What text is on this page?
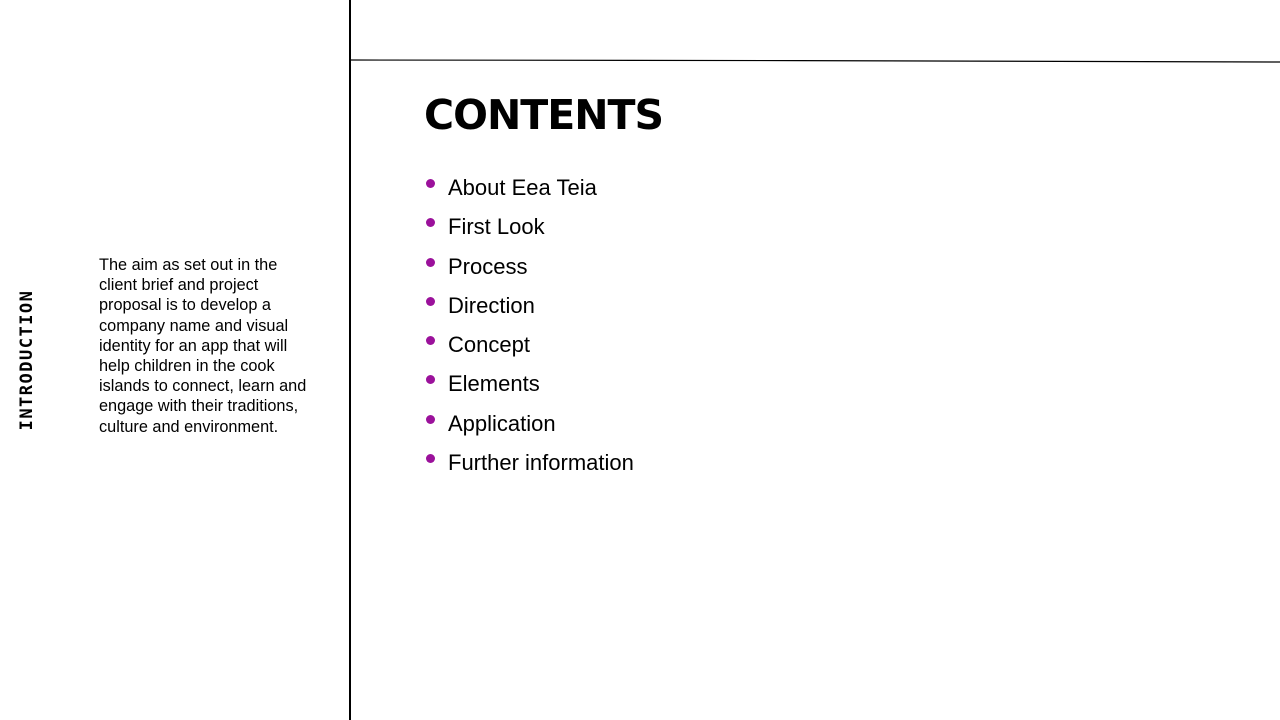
INTRODUCTION

The aim as set out in the client brief and project proposal is to develop a company name and visual identity for an app that will help children in the cook islands to connect, learn and engage with their traditions, culture and environment.

CONTENTS
About Eea Teia
First Look
Process
Direction
Concept
Elements
Application
Further information
